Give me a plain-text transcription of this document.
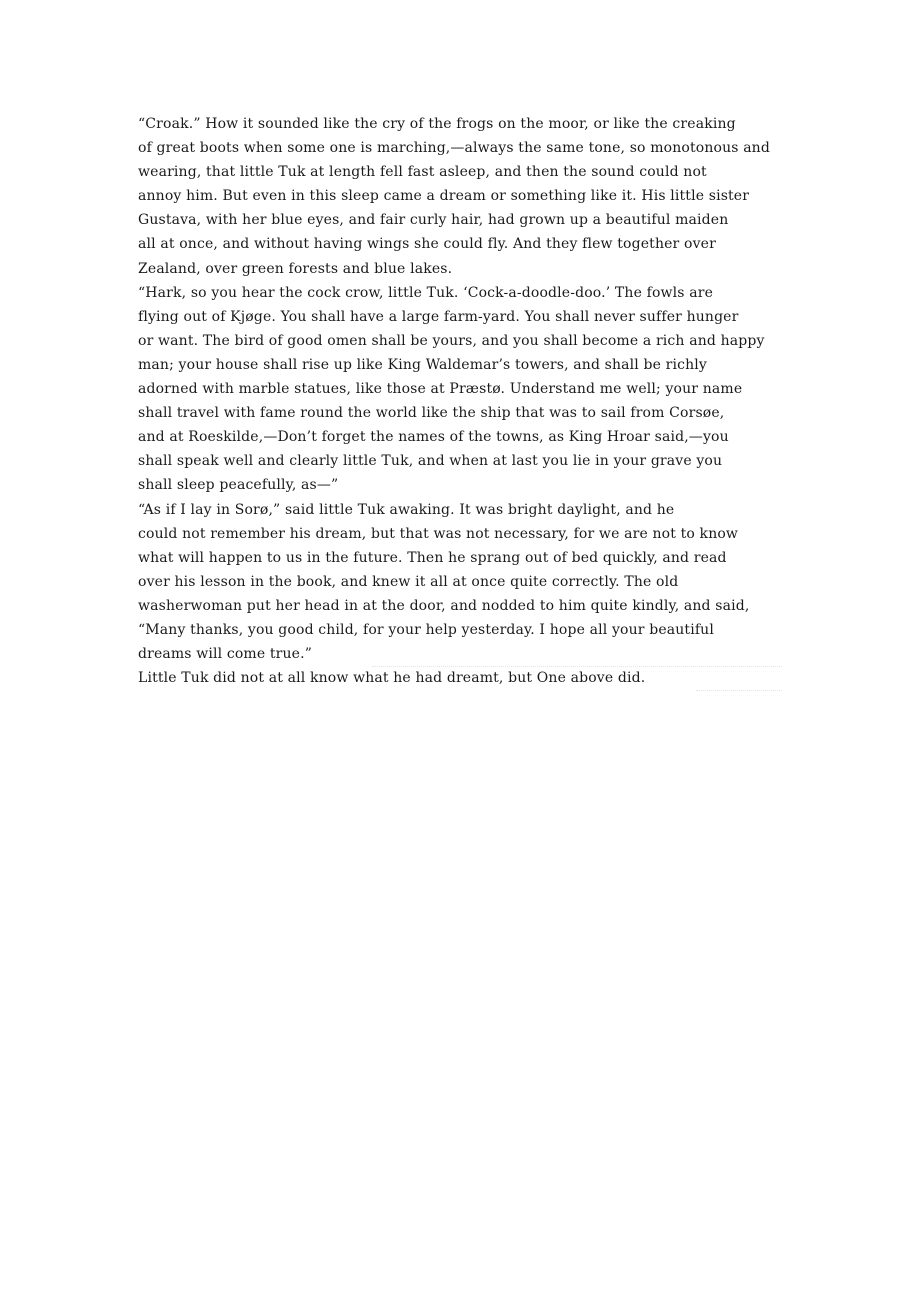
“Croak.” How it sounded like the cry of the frogs on the moor, or like the creaking
of great boots when some one is marching,—always the same tone, so monotonous and
wearing, that little Tuk at length fell fast asleep, and then the sound could not
annoy him. But even in this sleep came a dream or something like it. His little sister
Gustava, with her blue eyes, and fair curly hair, had grown up a beautiful maiden
all at once, and without having wings she could fly. And they flew together over
Zealand, over green forests and blue lakes.
“Hark, so you hear the cock crow, little Tuk. ‘Cock-a-doodle-doo.’ The fowls are
flying out of Kjøge. You shall have a large farm-yard. You shall never suffer hunger
or want. The bird of good omen shall be yours, and you shall become a rich and happy
man; your house shall rise up like King Waldemar’s towers, and shall be richly
adorned with marble statues, like those at Præstø. Understand me well; your name
shall travel with fame round the world like the ship that was to sail from Corsøe,
and at Roeskilde,—Don’t forget the names of the towns, as King Hroar said,—you
shall speak well and clearly little Tuk, and when at last you lie in your grave you
shall sleep peacefully, as—”
“As if I lay in Sorø,” said little Tuk awaking. It was bright daylight, and he
could not remember his dream, but that was not necessary, for we are not to know
what will happen to us in the future. Then he sprang out of bed quickly, and read
over his lesson in the book, and knew it all at once quite correctly. The old
washerwoman put her head in at the door, and nodded to him quite kindly, and said,
“Many thanks, you good child, for your help yesterday. I hope all your beautiful
dreams will come true.”
Little Tuk did not at all know what he had dreamt, but One above did.
